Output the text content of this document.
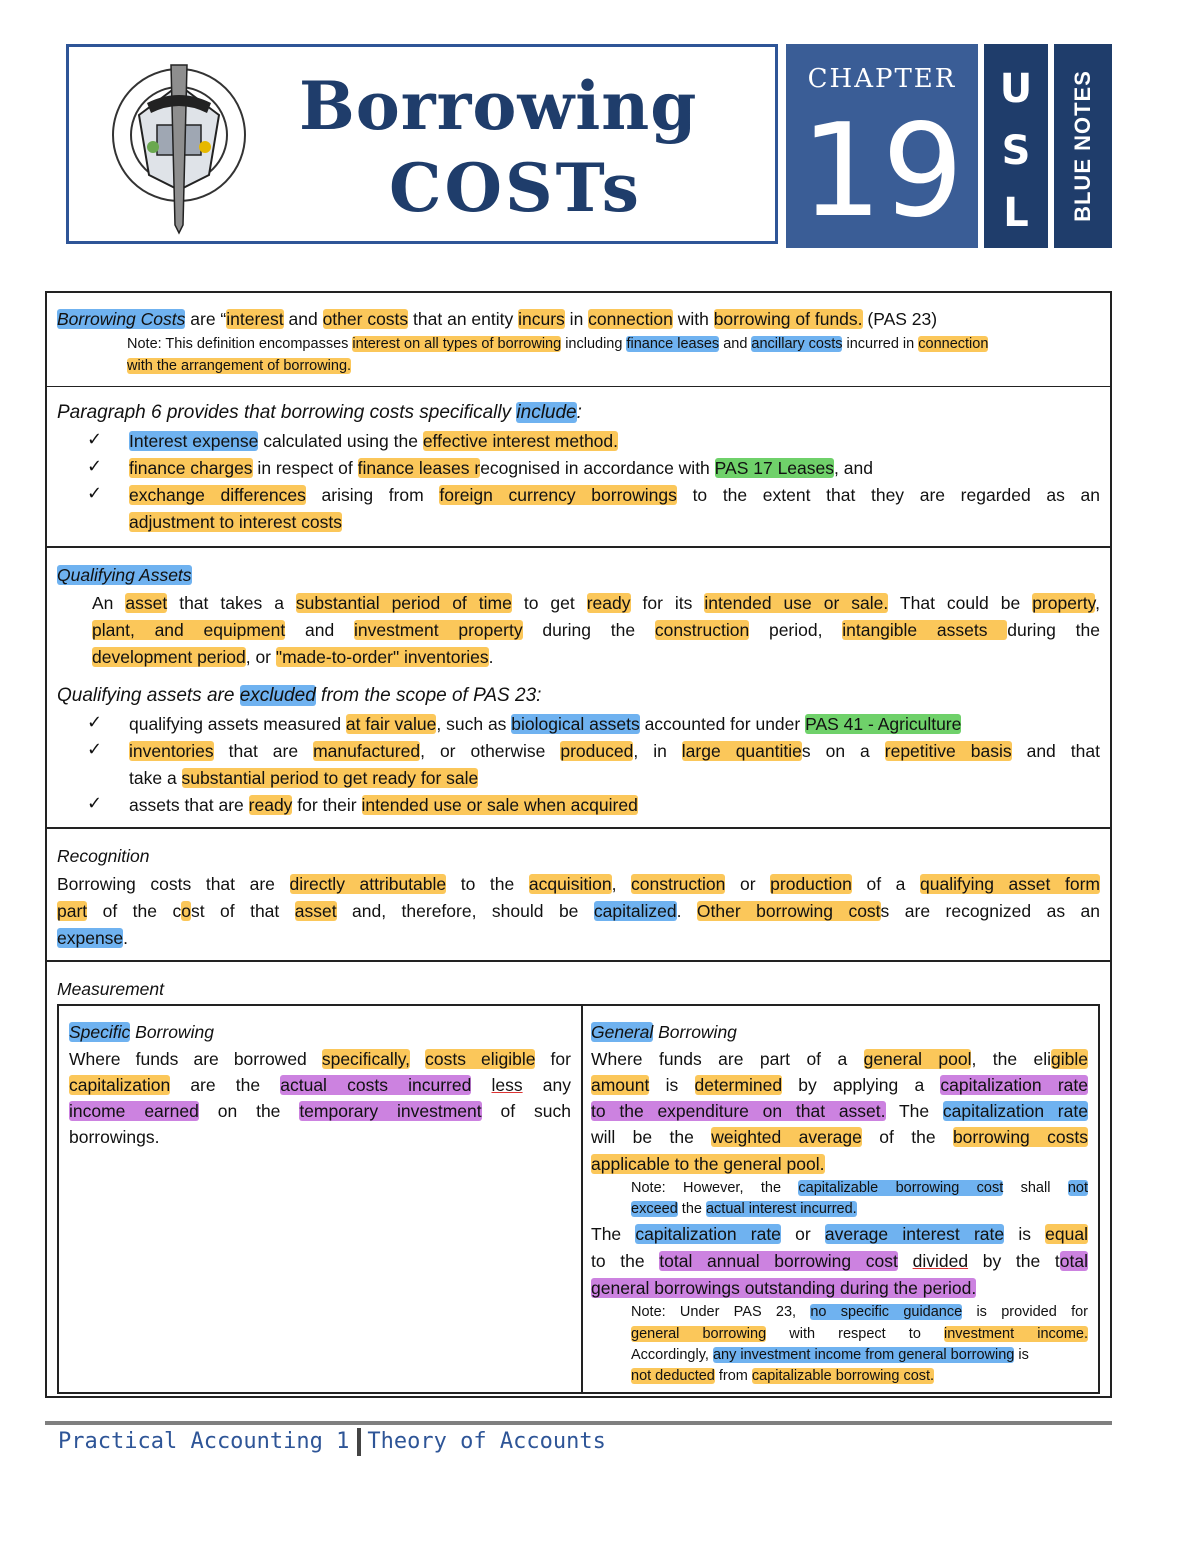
Borrowing
COSTs
CHAPTER
19
U
S
L	BLUE NOTES
Borrowing Costs are “interest and other costs that an entity incurs in connection with borrowing of funds. (PAS 23)
Note: This definition encompasses interest on all types of borrowing including finance leases and ancillary costs incurred in connection
with the arrangement of borrowing.
Paragraph 6 provides that borrowing costs specifically include:
✓ Interest expense calculated using the effective interest method.
✓ finance charges in respect of finance leases recognised in accordance with PAS 17 Leases, and
✓ exchange differences arising from foreign currency borrowings to the extent that they are regarded as an
adjustment to interest costs
Qualifying Assets
An asset that takes a substantial period of time to get ready for its intended use or sale. That could be property,
plant, and equipment and investment property during the construction period, intangible assets during the
development period, or "made-to-order" inventories.
Qualifying assets are excluded from the scope of PAS 23:
✓ qualifying assets measured at fair value, such as biological assets accounted for under PAS 41 - Agriculture
✓ inventories that are manufactured, or otherwise produced, in large quantities on a repetitive basis and that
take a substantial period to get ready for sale
✓ assets that are ready for their intended use or sale when acquired
Recognition
Borrowing costs that are directly attributable to the acquisition, construction or production of a qualifying asset form
part of the cost of that asset and, therefore, should be capitalized. Other borrowing costs are recognized as an
expense.
Measurement
Specific Borrowing
Where funds are borrowed specifically, costs eligible for
capitalization are the actual costs incurred less any
income earned on the temporary investment of such
borrowings.
General Borrowing
Where funds are part of a general pool, the eligible
amount is determined by applying a capitalization rate
to the expenditure on that asset. The capitalization rate
will be the weighted average of the borrowing costs
applicable to the general pool.
Note: However, the capitalizable borrowing cost shall not
exceed the actual interest incurred.
The capitalization rate or average interest rate is equal
to the total annual borrowing cost divided by the total
general borrowings outstanding during the period.
Note: Under PAS 23, no specific guidance is provided for
general borrowing with respect to investment income.
Accordingly, any investment income from general borrowing is
not deducted from capitalizable borrowing cost.
Practical Accounting 1 Theory of Accounts
